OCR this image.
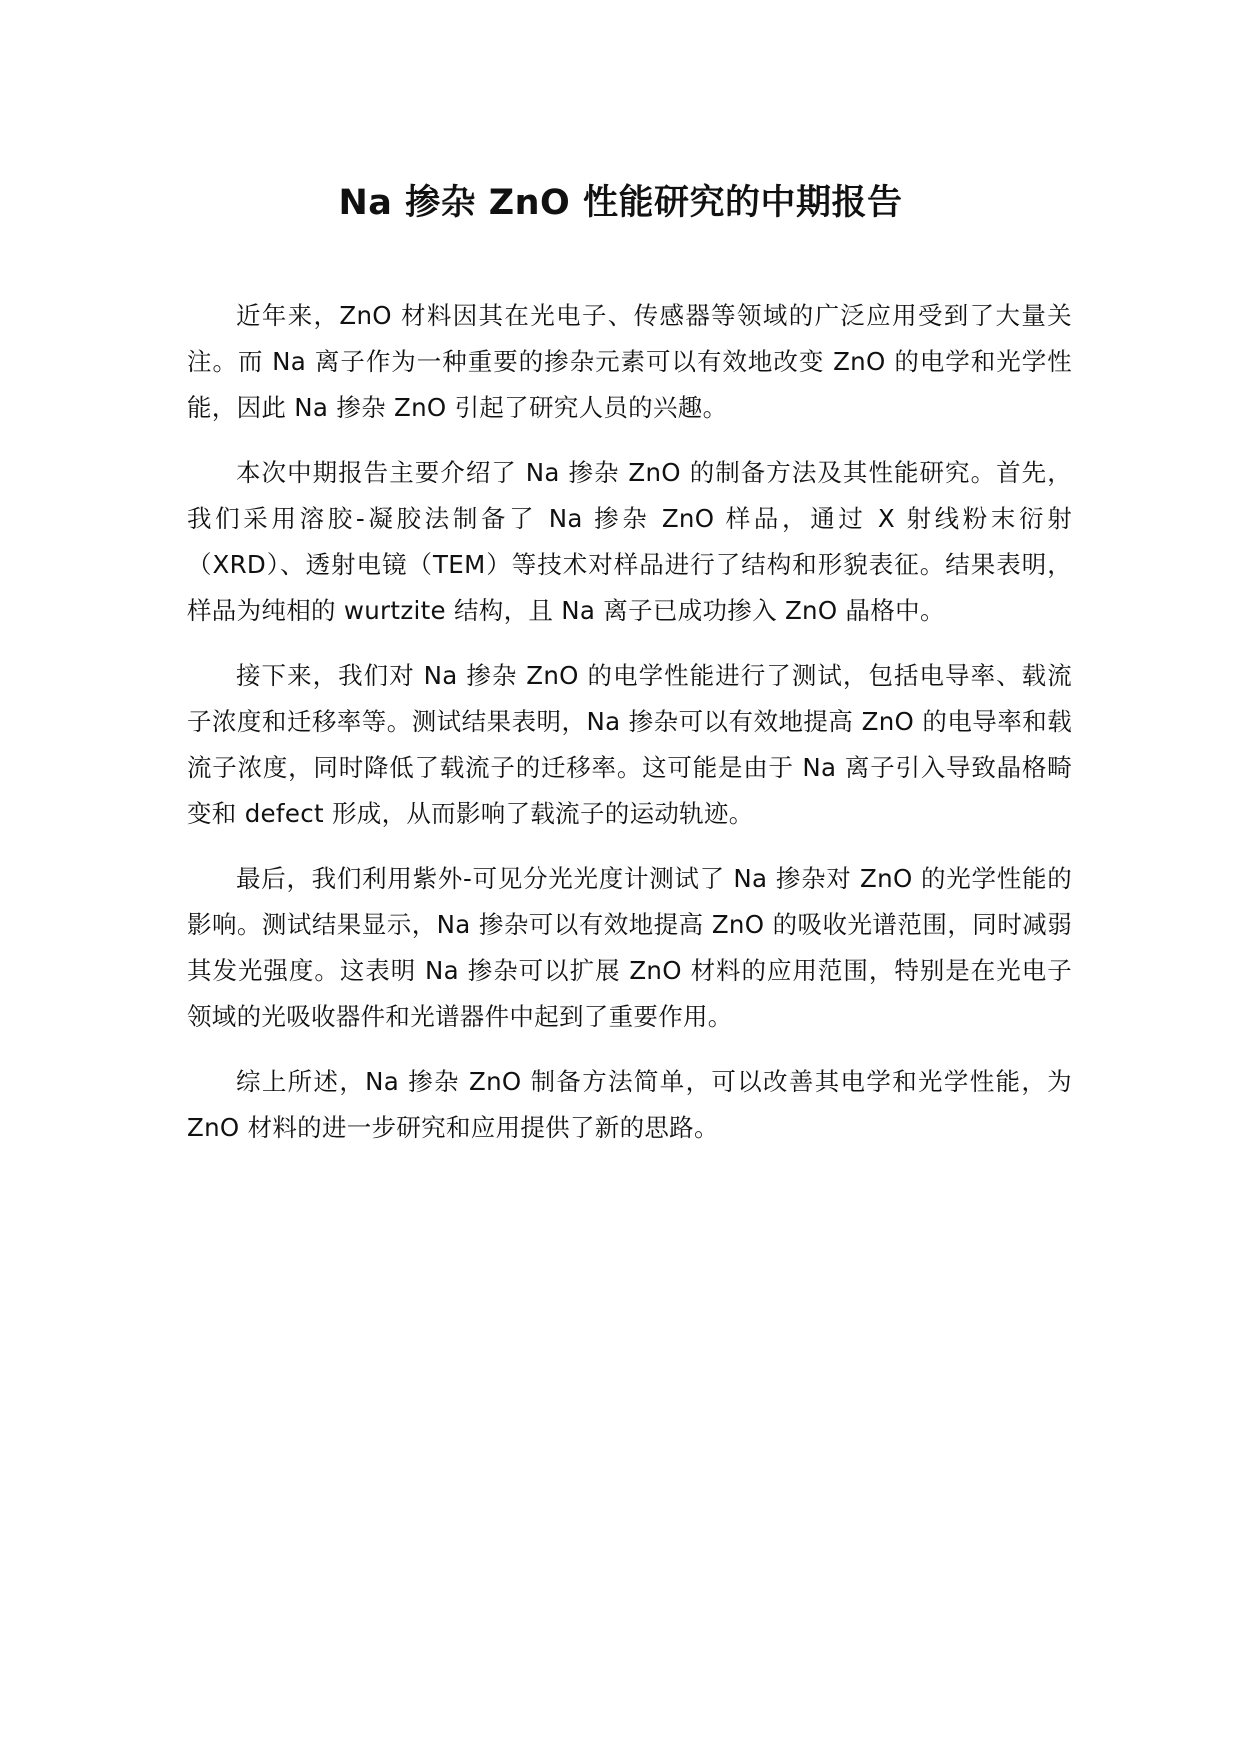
Na 掺杂 ZnO 性能研究的中期报告

近年来，ZnO 材料因其在光电子、传感器等领域的广泛应用受到了大量关注。而 Na 离子作为一种重要的掺杂元素可以有效地改变 ZnO 的电学和光学性能，因此 Na 掺杂 ZnO 引起了研究人员的兴趣。

本次中期报告主要介绍了 Na 掺杂 ZnO 的制备方法及其性能研究。首先，我们采用溶胶-凝胶法制备了 Na 掺杂 ZnO 样品，通过 X 射线粉末衍射（XRD）、透射电镜（TEM）等技术对样品进行了结构和形貌表征。结果表明，样品为纯相的 wurtzite 结构，且 Na 离子已成功掺入 ZnO 晶格中。

接下来，我们对 Na 掺杂 ZnO 的电学性能进行了测试，包括电导率、载流子浓度和迁移率等。测试结果表明，Na 掺杂可以有效地提高 ZnO 的电导率和载流子浓度，同时降低了载流子的迁移率。这可能是由于 Na 离子引入导致晶格畸变和 defect 形成，从而影响了载流子的运动轨迹。

最后，我们利用紫外-可见分光光度计测试了 Na 掺杂对 ZnO 的光学性能的影响。测试结果显示，Na 掺杂可以有效地提高 ZnO 的吸收光谱范围，同时减弱其发光强度。这表明 Na 掺杂可以扩展 ZnO 材料的应用范围，特别是在光电子领域的光吸收器件和光谱器件中起到了重要作用。

综上所述，Na 掺杂 ZnO 制备方法简单，可以改善其电学和光学性能，为 ZnO 材料的进一步研究和应用提供了新的思路。
